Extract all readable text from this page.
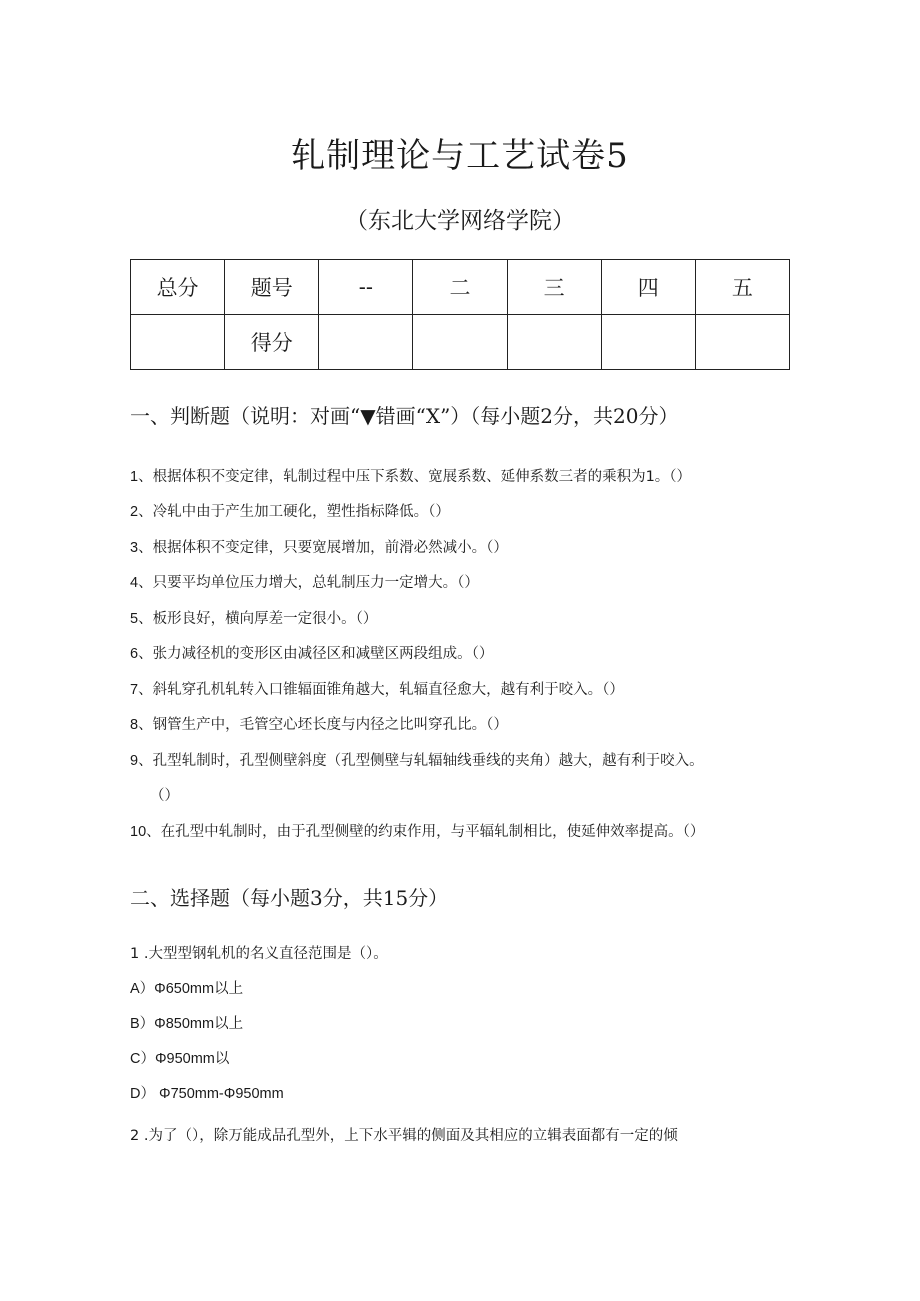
轧制理论与工艺试卷5
（东北大学网络学院）
总分	题号	--	二	三	四	五
	得分					
一、判断题（说明：对画“▼错画“X”）（每小题2分，共20分）
1、根据体积不变定律，轧制过程中压下系数、宽展系数、延伸系数三者的乘积为1。（）
2、冷轧中由于产生加工硬化，塑性指标降低。（）
3、根据体积不变定律，只要宽展增加，前滑必然减小。（）
4、只要平均单位压力增大，总轧制压力一定增大。（）
5、板形良好，横向厚差一定很小。（）
6、张力减径机的变形区由减径区和减壁区两段组成。（）
7、斜轧穿孔机轧转入口锥辐面锥角越大，轧辐直径愈大，越有利于咬入。（）
8、钢管生产中，毛管空心坯长度与内径之比叫穿孔比。（）
9、孔型轧制时，孔型侧壁斜度（孔型侧壁与轧辐轴线垂线的夹角）越大，越有利于咬入。
（）
10、在孔型中轧制时，由于孔型侧壁的约束作用，与平辐轧制相比，使延伸效率提高。（）
二、选择题（每小题3分，共15分）
1 .大型型钢轧机的名义直径范围是（）。
A）Φ650mm以上
B）Φ850mm以上
C）Φ950mm以
D） Φ750mm-Φ950mm
2 .为了（），除万能成品孔型外，上下水平辑的侧面及其相应的立辑表面都有一定的倾
